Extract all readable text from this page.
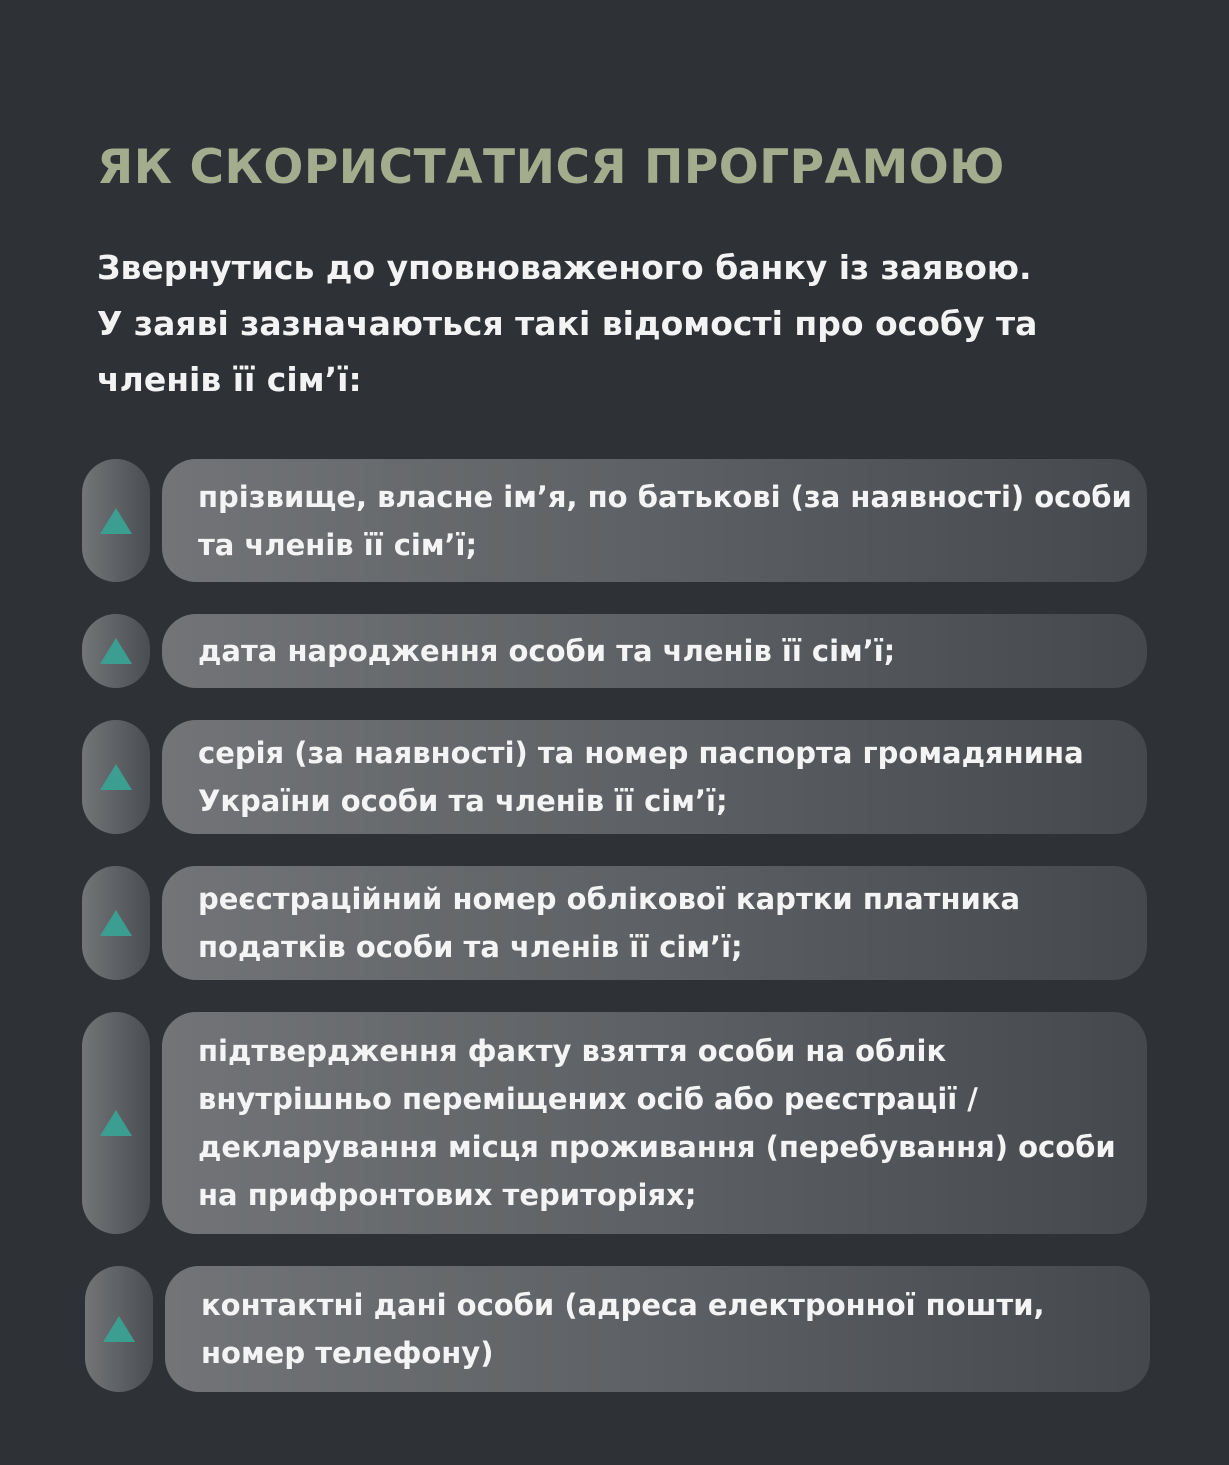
ЯК СКОРИСТАТИСЯ ПРОГРАМОЮ
Звернутись до уповноваженого банку із заявою.
У заяві зазначаються такі відомості про особу та
членів її сім’ї:
прізвище, власне ім’я, по батькові (за наявності) особи
та членів її сім’ї;
дата народження особи та членів її сім’ї;
серія (за наявності) та номер паспорта громадянина
України особи та членів її сім’ї;
реєстраційний номер облікової картки платника
податків особи та членів її сім’ї;
підтвердження факту взяття особи на облік
внутрішньо переміщених осіб або реєстрації /
декларування місця проживання (перебування) особи
на прифронтових територіях;
контактні дані особи (адреса електронної пошти,
номер телефону)
